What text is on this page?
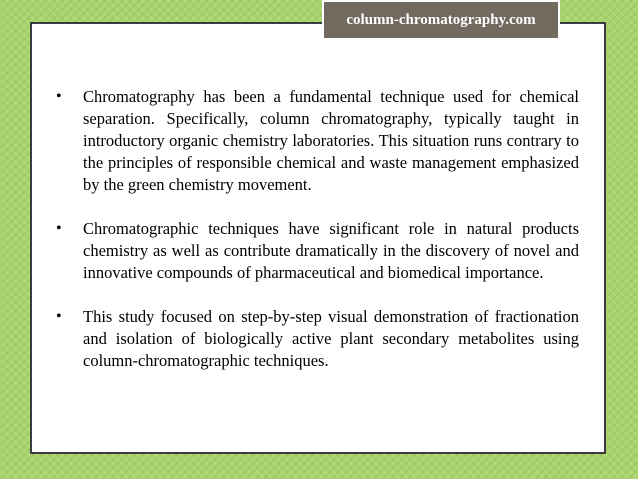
column-chromatography.com
• Chromatography has been a fundamental technique used for chemical separation. Specifically, column chromatography, typically taught in introductory organic chemistry laboratories. This situation runs contrary to the principles of responsible chemical and waste management emphasized by the green chemistry movement.
• Chromatographic techniques have significant role in natural products chemistry as well as contribute dramatically in the discovery of novel and innovative compounds of pharmaceutical and biomedical importance.
• This study focused on step-by-step visual demonstration of fractionation and isolation of biologically active plant secondary metabolites using column-chromatographic techniques.
